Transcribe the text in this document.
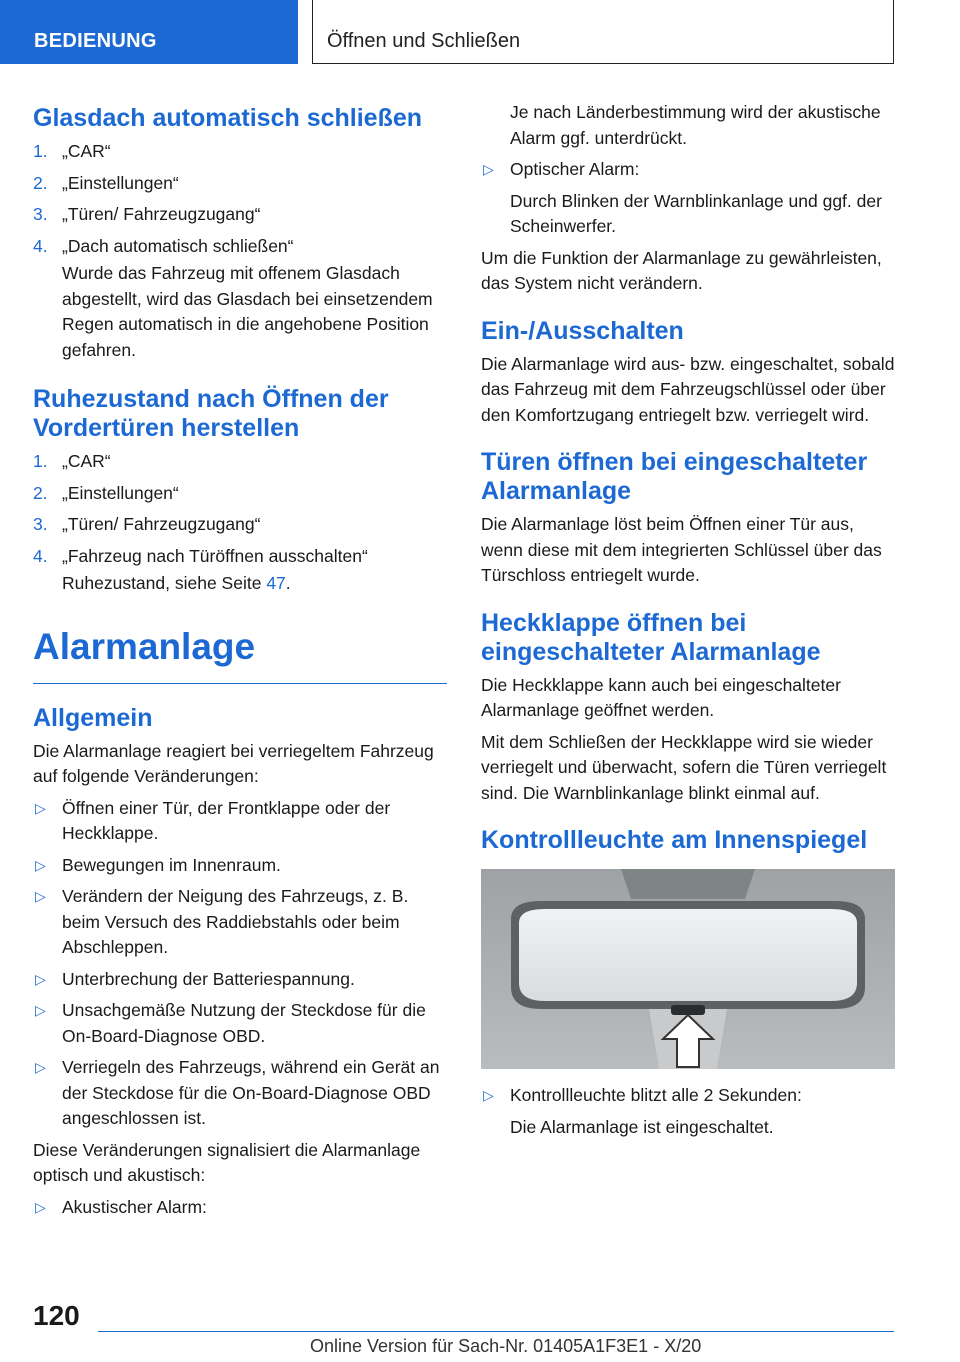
BEDIENUNG	Öffnen und Schließen
Glasdach automatisch schließen
1. „CAR“
2. „Einstellungen“
3. „Türen/ Fahrzeugzugang“
4. „Dach automatisch schließen“

Wurde das Fahrzeug mit offenem Glasdach abgestellt, wird das Glasdach bei einsetzendem Regen automatisch in die angehobene Position gefahren.

Ruhezustand nach Öffnen der Vordertüren herstellen
1. „CAR“
2. „Einstellungen“
3. „Türen/ Fahrzeugzugang“
4. „Fahrzeug nach Türöffnen ausschalten“

Ruhezustand, siehe Seite 47.

Alarmanlage
Allgemein

Die Alarmanlage reagiert bei verriegeltem Fahrzeug auf folgende Veränderungen:

▷ Öffnen einer Tür, der Frontklappe oder der Heckklappe.
▷ Bewegungen im Innenraum.
▷ Verändern der Neigung des Fahrzeugs, z. B. beim Versuch des Raddiebstahls oder beim Abschleppen.
▷ Unterbrechung der Batteriespannung.
▷ Unsachgemäße Nutzung der Steckdose für die On-Board-Diagnose OBD.
▷ Verriegeln des Fahrzeugs, während ein Gerät an der Steckdose für die On-Board-Diagnose OBD angeschlossen ist.

Diese Veränderungen signalisiert die Alarmanlage optisch und akustisch:

▷ Akustischer Alarm:

Je nach Länderbestimmung wird der akustische Alarm ggf. unterdrückt.

▷ Optischer Alarm:

Durch Blinken der Warnblinkanlage und ggf. der Scheinwerfer.

Um die Funktion der Alarmanlage zu gewährleisten, das System nicht verändern.

Ein-/Ausschalten

Die Alarmanlage wird aus- bzw. eingeschaltet, sobald das Fahrzeug mit dem Fahrzeugschlüssel oder über den Komfortzugang entriegelt bzw. verriegelt wird.

Türen öffnen bei eingeschalteter Alarmanlage

Die Alarmanlage löst beim Öffnen einer Tür aus, wenn diese mit dem integrierten Schlüssel über das Türschloss entriegelt wurde.

Heckklappe öffnen bei eingeschalteter Alarmanlage

Die Heckklappe kann auch bei eingeschalteter Alarmanlage geöffnet werden.

Mit dem Schließen der Heckklappe wird sie wieder verriegelt und überwacht, sofern die Türen verriegelt sind. Die Warnblinkanlage blinkt einmal auf.

Kontrollleuchte am Innenspiegel
▷ Kontrollleuchte blitzt alle 2 Sekunden:

Die Alarmanlage ist eingeschaltet.

120
Online Version für Sach-Nr. 01405A1F3E1 - X/20
